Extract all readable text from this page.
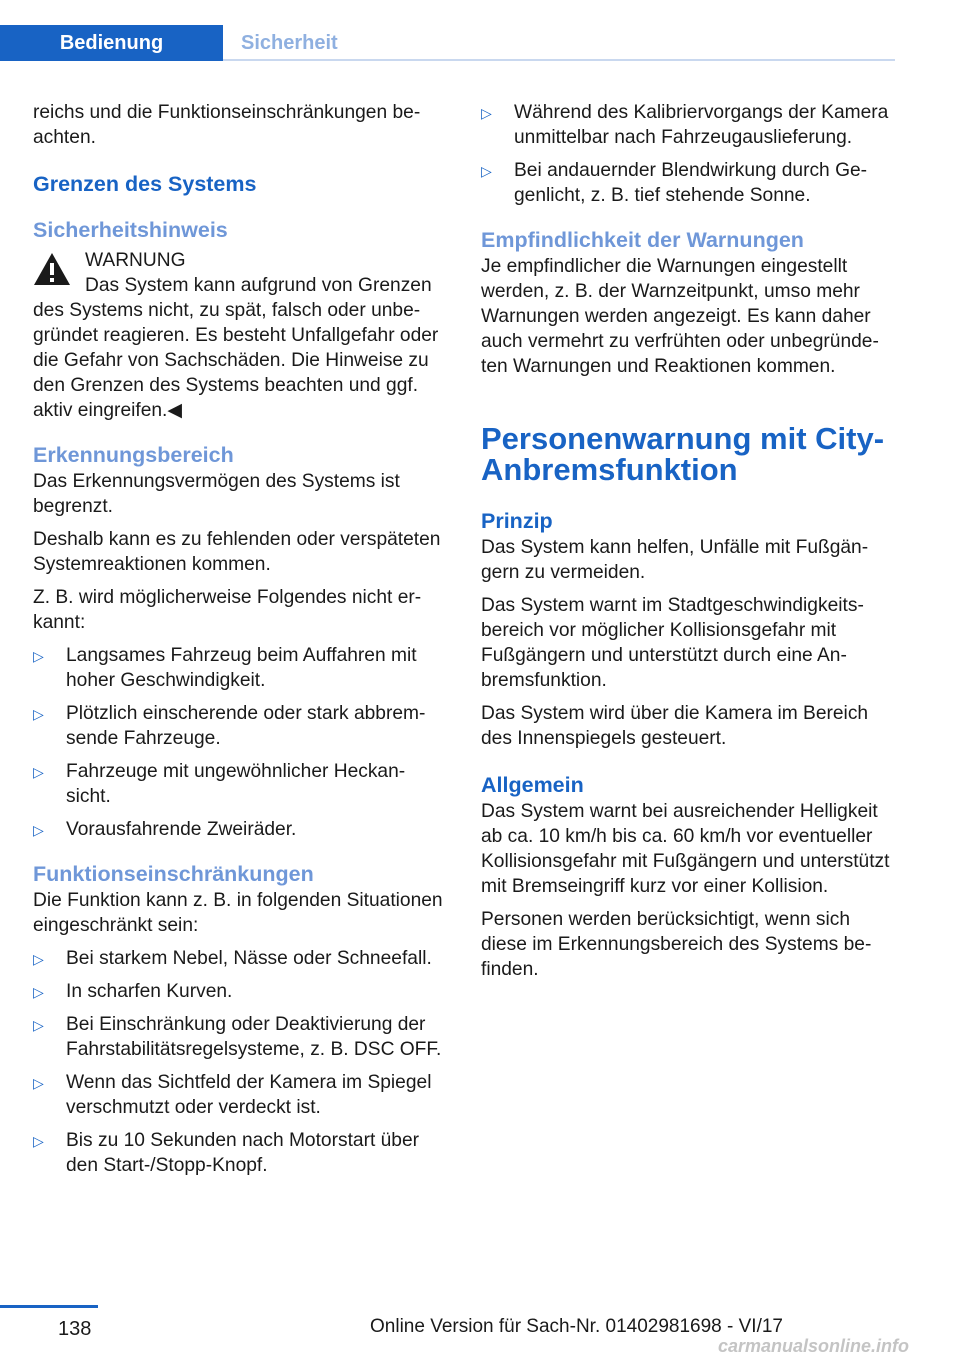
Bedienung	Sicherheit

reichs und die Funktionseinschränkungen beachten.

Grenzen des Systems
Sicherheitshinweis
WARNUNG
Das System kann aufgrund von Grenzen
des Systems nicht, zu spät, falsch oder unbegründet reagieren. Es besteht Unfallgefahr oder die Gefahr von Sachschäden. Die Hinweise zu den Grenzen des Systems beachten und ggf. aktiv eingreifen.◀
Erkennungsbereich

Das Erkennungsvermögen des Systems ist begrenzt.

Deshalb kann es zu fehlenden oder verspäteten Systemreaktionen kommen.

Z. B. wird möglicherweise Folgendes nicht erkannt:

▷ Langsames Fahrzeug beim Auffahren mit hoher Geschwindigkeit.
▷ Plötzlich einscherende oder stark abbremsende Fahrzeuge.
▷ Fahrzeuge mit ungewöhnlicher Heckansicht.
▷ Vorausfahrende Zweiräder.
Funktionseinschränkungen

Die Funktion kann z. B. in folgenden Situationen eingeschränkt sein:

▷ Bei starkem Nebel, Nässe oder Schneefall.
▷ In scharfen Kurven.
▷ Bei Einschränkung oder Deaktivierung der Fahrstabilitätsregelsysteme, z. B. DSC OFF.
▷ Wenn das Sichtfeld der Kamera im Spiegel verschmutzt oder verdeckt ist.
▷ Bis zu 10 Sekunden nach Motorstart über den Start-/Stopp-Knopf.
▷ Während des Kalibriervorgangs der Kamera unmittelbar nach Fahrzeugauslieferung.
▷ Bei andauernder Blendwirkung durch Gegenlicht, z. B. tief stehende Sonne.
Empfindlichkeit der Warnungen

Je empfindlicher die Warnungen eingestellt werden, z. B. der Warnzeitpunkt, umso mehr Warnungen werden angezeigt. Es kann daher auch vermehrt zu verfrühten oder unbegründeten Warnungen und Reaktionen kommen.

Personenwarnung mit City-Anbremsfunktion
Prinzip

Das System kann helfen, Unfälle mit Fußgängern zu vermeiden.

Das System warnt im Stadtgeschwindigkeitsbereich vor möglicher Kollisionsgefahr mit Fußgängern und unterstützt durch eine Anbremsfunktion.

Das System wird über die Kamera im Bereich des Innenspiegels gesteuert.

Allgemein

Das System warnt bei ausreichender Helligkeit ab ca. 10 km/h bis ca. 60 km/h vor eventueller Kollisionsgefahr mit Fußgängern und unterstützt mit Bremseingriff kurz vor einer Kollision.

Personen werden berücksichtigt, wenn sich diese im Erkennungsbereich des Systems befinden.

138	Online Version für Sach-Nr. 01402981698 - VI/17
carmanualsonline.info
